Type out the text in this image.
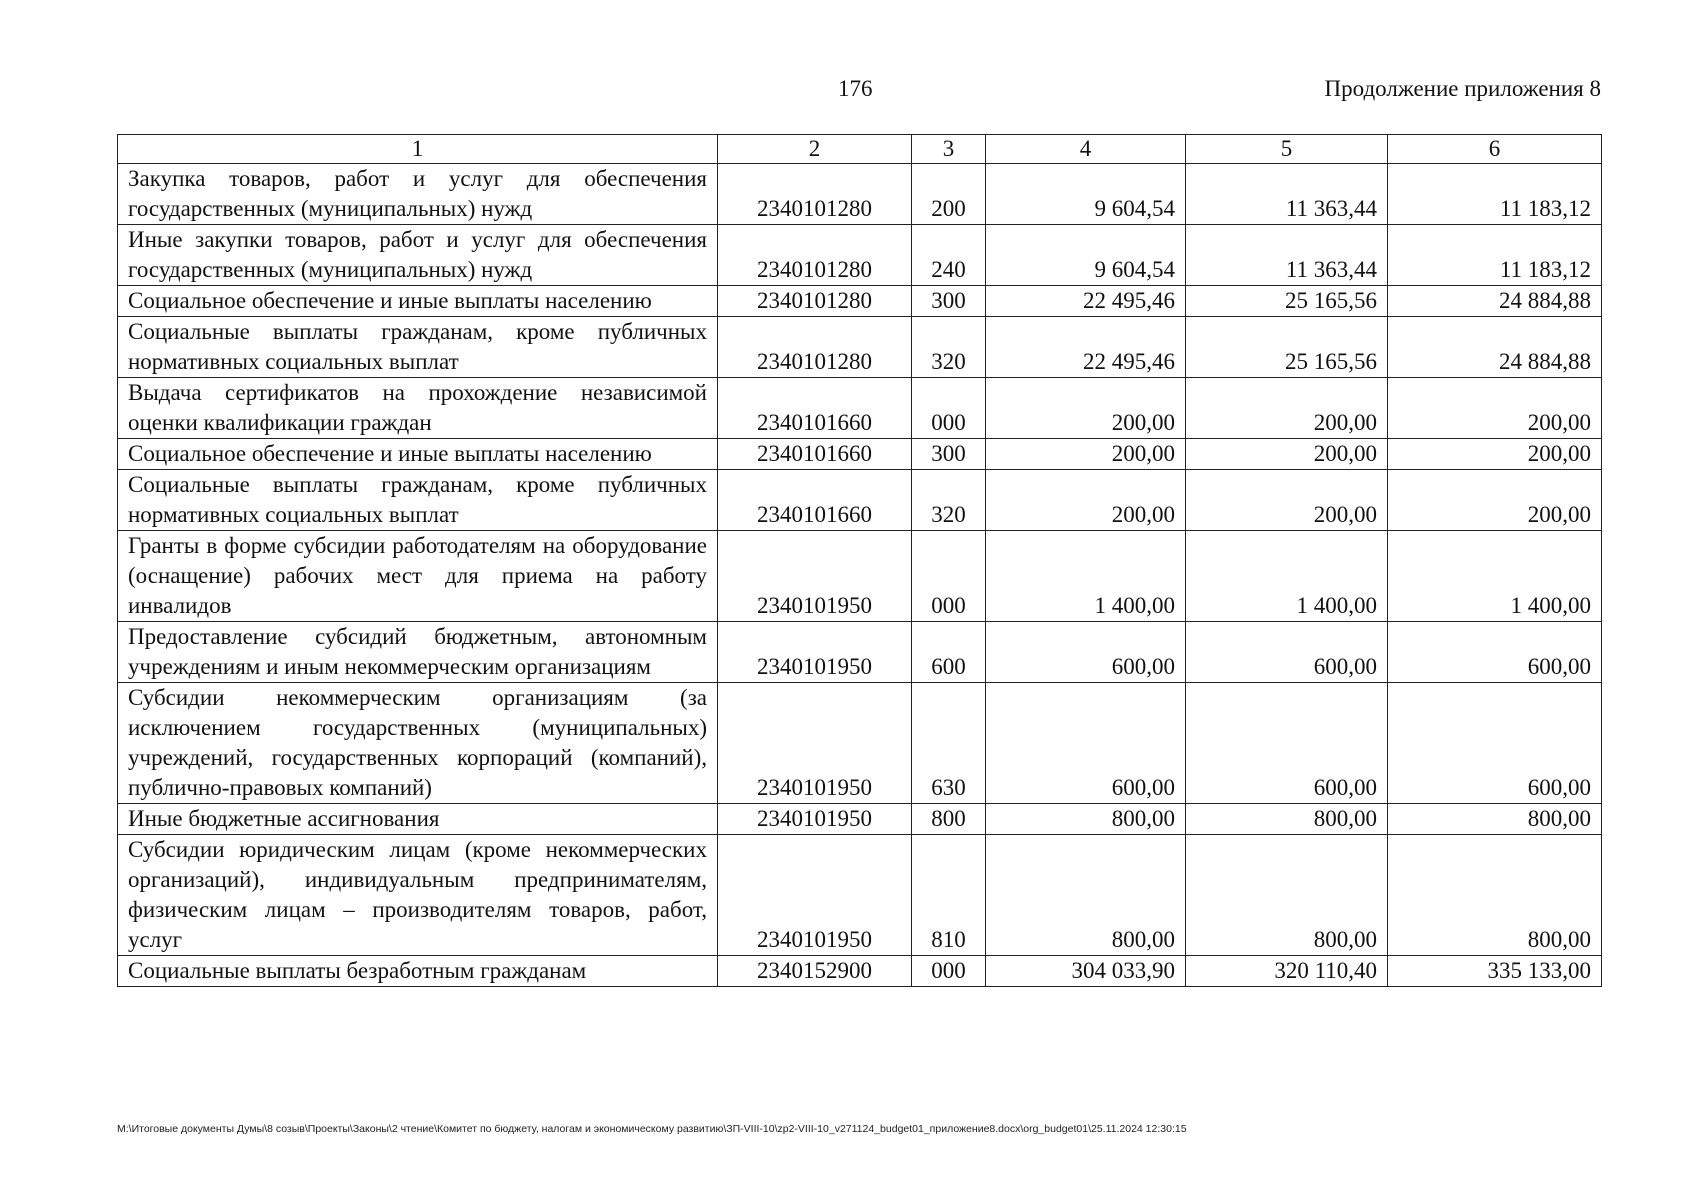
176	Продолжение приложения 8
1	2	3	4	5	6
Закупка товаров, работ и услуг для обеспечения государственных (муниципальных) нужд	2340101280	200	9 604,54	11 363,44	11 183,12
Иные закупки товаров, работ и услуг для обеспечения государственных (муниципальных) нужд	2340101280	240	9 604,54	11 363,44	11 183,12
Социальное обеспечение и иные выплаты населению	2340101280	300	22 495,46	25 165,56	24 884,88
Социальные выплаты гражданам, кроме публичных нормативных социальных выплат	2340101280	320	22 495,46	25 165,56	24 884,88
Выдача сертификатов на прохождение независимой оценки квалификации граждан	2340101660	000	200,00	200,00	200,00
Социальное обеспечение и иные выплаты населению	2340101660	300	200,00	200,00	200,00
Социальные выплаты гражданам, кроме публичных нормативных социальных выплат	2340101660	320	200,00	200,00	200,00
Гранты в форме субсидии работодателям на оборудование (оснащение) рабочих мест для приема на работу инвалидов	2340101950	000	1 400,00	1 400,00	1 400,00
Предоставление субсидий бюджетным, автономным учреждениям и иным некоммерческим организациям	2340101950	600	600,00	600,00	600,00
Субсидии некоммерческим организациям (за исключением государственных (муниципальных) учреждений, государственных корпораций (компаний), публично-правовых компаний)	2340101950	630	600,00	600,00	600,00
Иные бюджетные ассигнования	2340101950	800	800,00	800,00	800,00
Субсидии юридическим лицам (кроме некоммерческих организаций), индивидуальным предпринимателям, физическим лицам – производителям товаров, работ, услуг	2340101950	810	800,00	800,00	800,00
Социальные выплаты безработным гражданам	2340152900	000	304 033,90	320 110,40	335 133,00
M:\Итоговые документы Думы\8 созыв\Проекты\Законы\2 чтение\Комитет по бюджету, налогам и экономическому развитию\ЗП-VIII-10\zp2-VIII-10_v271124_budget01_приложение8.docx\org_budget01\25.11.2024 12:30:15
